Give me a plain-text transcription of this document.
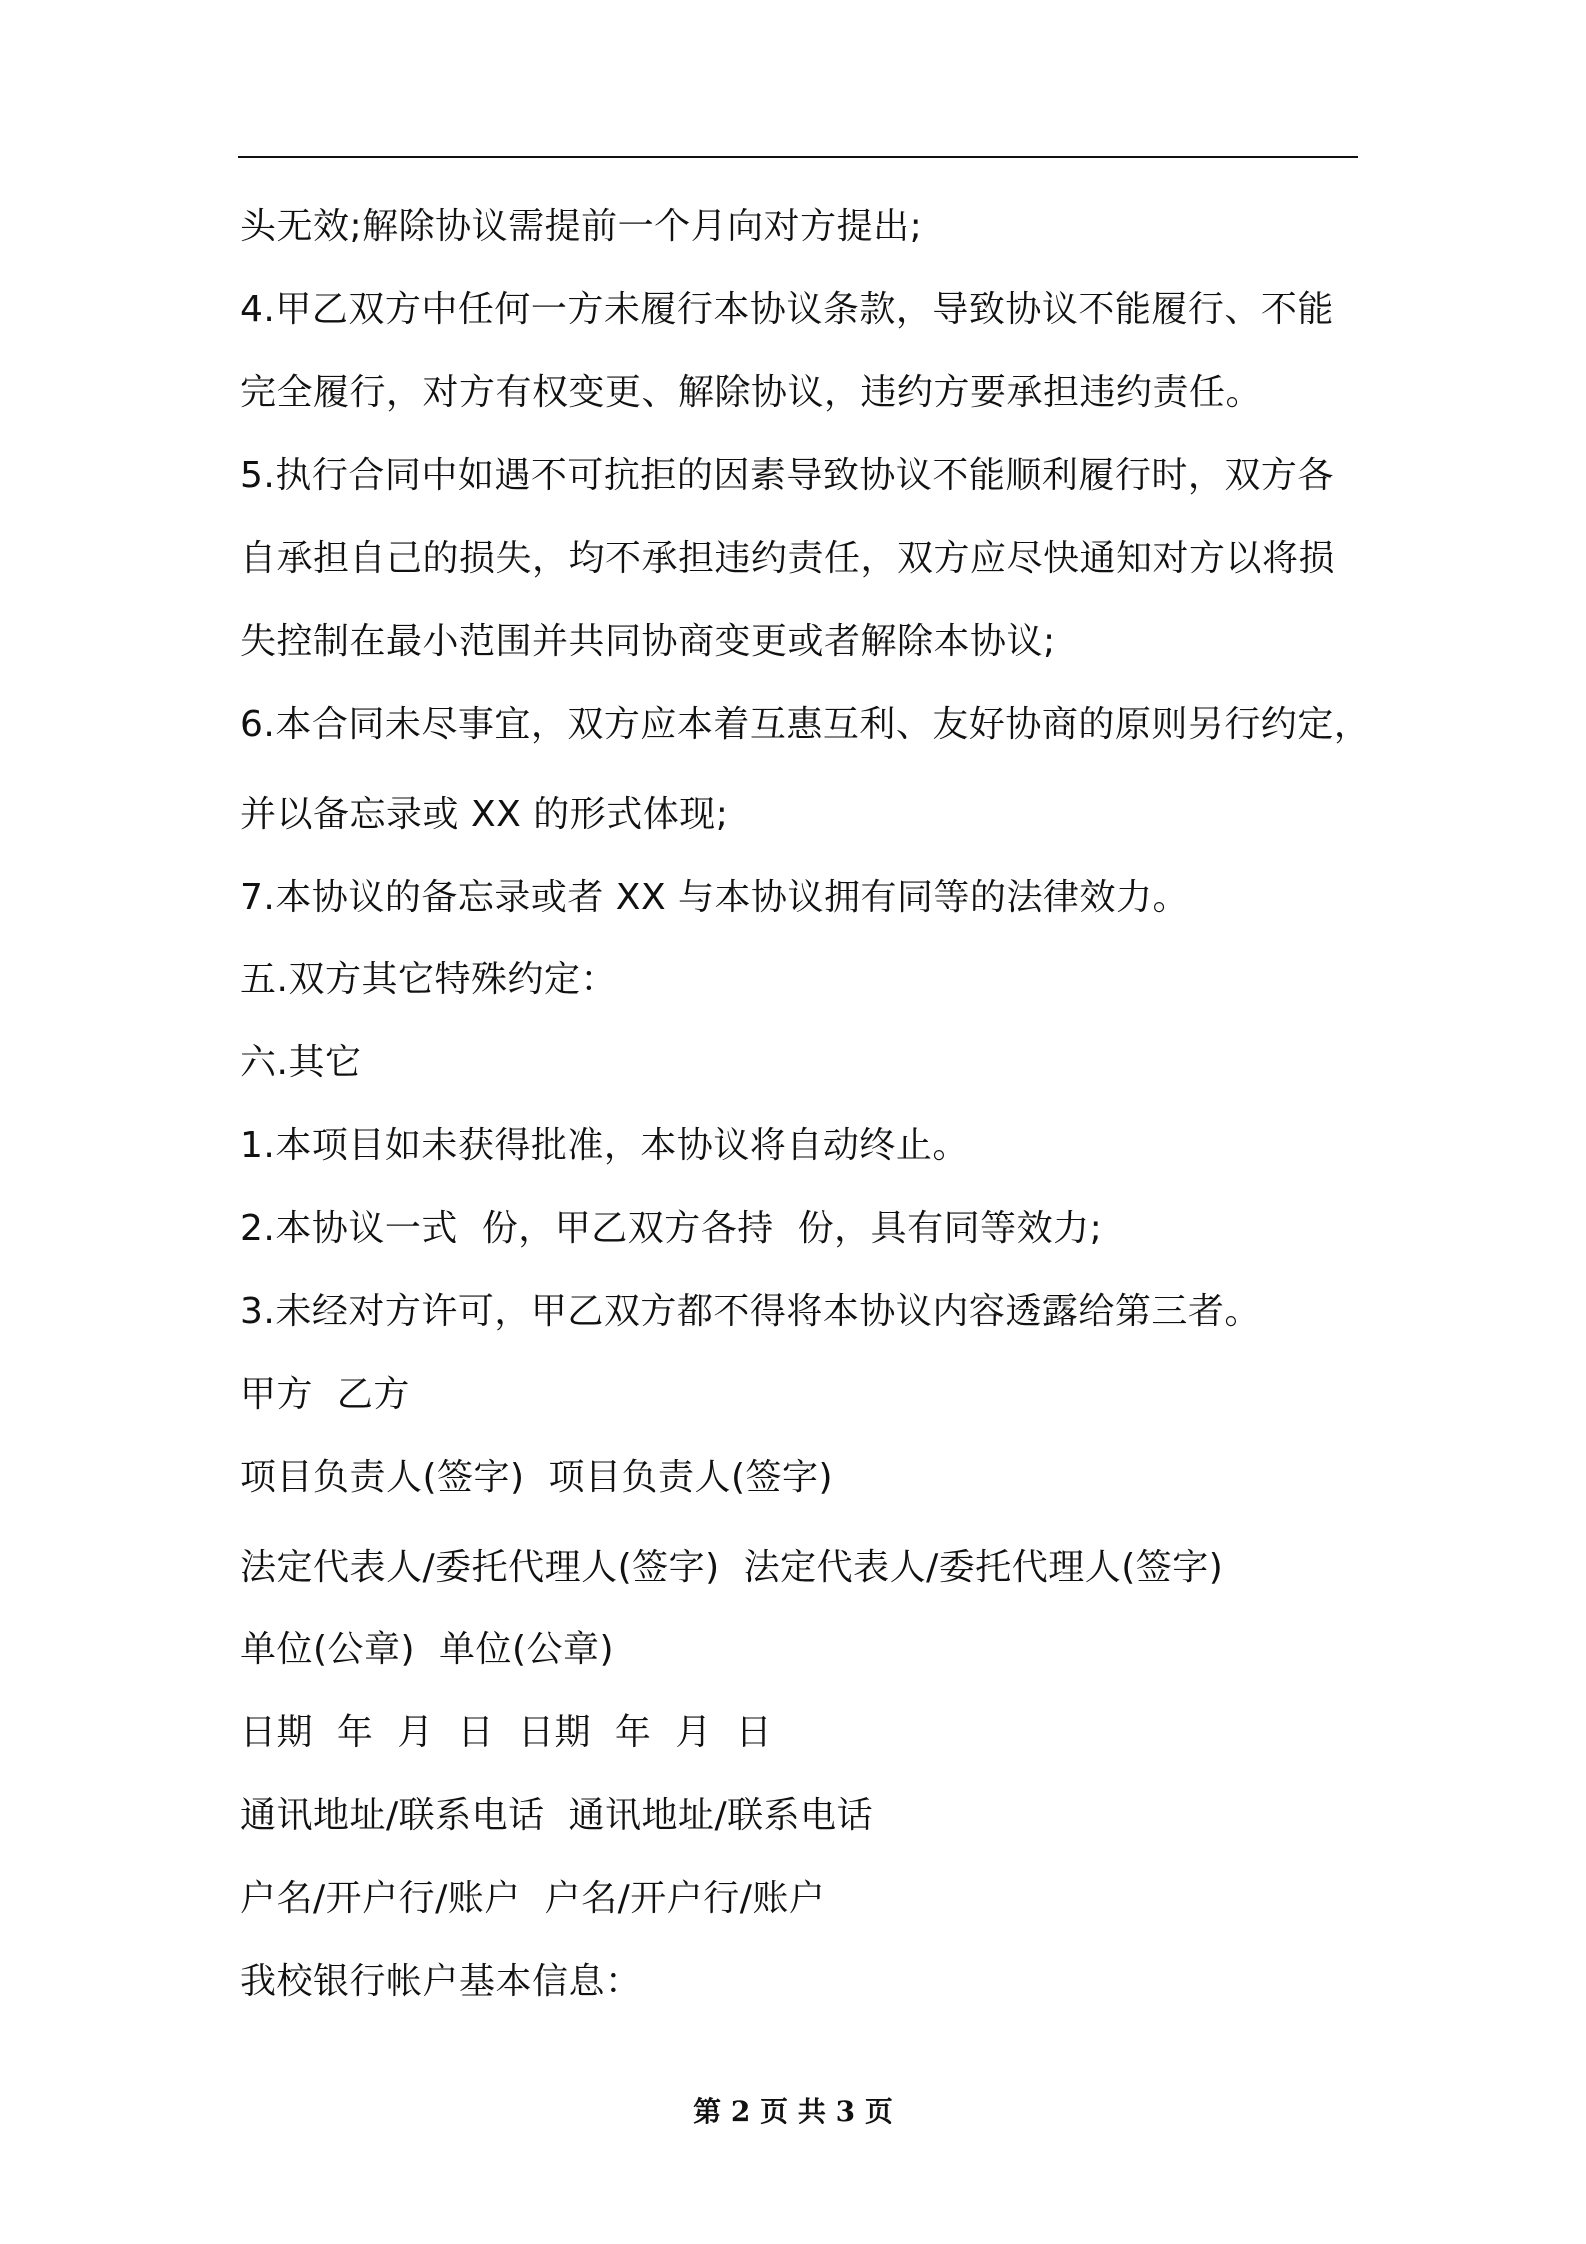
头无效;解除协议需提前一个月向对方提出;

4.甲乙双方中任何一方未履行本协议条款，导致协议不能履行、不能

完全履行，对方有权变更、解除协议，违约方要承担违约责任。

5.执行合同中如遇不可抗拒的因素导致协议不能顺利履行时，双方各

自承担自己的损失，均不承担违约责任，双方应尽快通知对方以将损

失控制在最小范围并共同协商变更或者解除本协议;

6.本合同未尽事宜，双方应本着互惠互利、友好协商的原则另行约定，

并以备忘录或 XX 的形式体现;

7.本协议的备忘录或者 XX 与本协议拥有同等的法律效力。

五.双方其它特殊约定：

六.其它

1.本项目如未获得批准，本协议将自动终止。

2.本协议一式  份，甲乙双方各持  份，具有同等效力;

3.未经对方许可，甲乙双方都不得将本协议内容透露给第三者。

甲方  乙方

项目负责人(签字)  项目负责人(签字)

法定代表人/委托代理人(签字)  法定代表人/委托代理人(签字)

单位(公章)  单位(公章)

日期  年  月  日  日期  年  月  日

通讯地址/联系电话  通讯地址/联系电话

户名/开户行/账户  户名/开户行/账户

我校银行帐户基本信息：

第 2 页 共 3 页
